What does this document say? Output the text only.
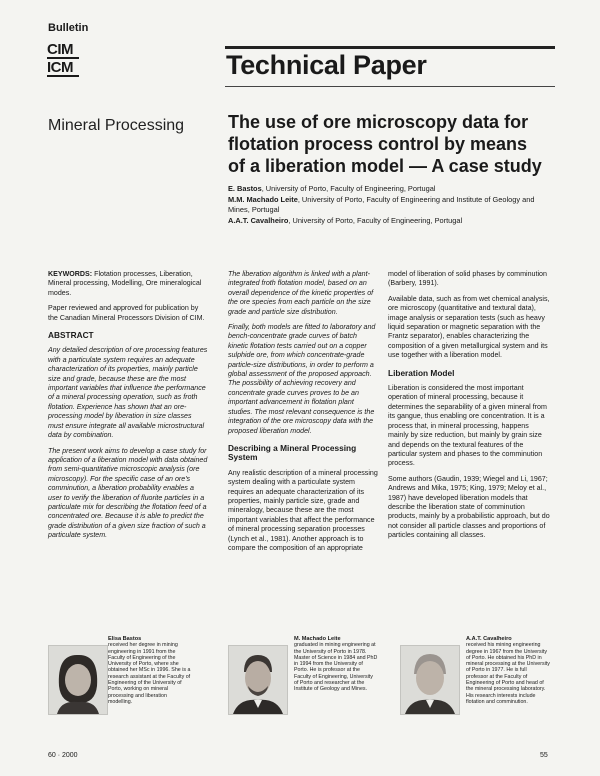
Bulletin
CIM
ICM	Technical Paper
Mineral Processing The use of ore microscopy data for flotation process control by means of a liberation model — A case study
E. Bastos, University of Porto, Faculty of Engineering, Portugal
M.M. Machado Leite, University of Porto, Faculty of Engineering and Institute of Geology and Mines, Portugal
A.A.T. Cavalheiro, University of Porto, Faculty of Engineering, Portugal

KEYWORDS: Flotation processes, Liberation, Mineral processing, Modelling, Ore mineralogical modes.

Paper reviewed and approved for publication by the Canadian Mineral Processors Division of CIM.

ABSTRACT

Any detailed description of ore processing features with a particulate system requires an adequate characterization of its properties, mainly particle size and grade, because these are the most important variables that influence the performance of a mineral processing operation, such as froth flotation. Experience has shown that an ore-processing model by liberation in size classes must ensure integrate all available microstructural data by combination.

The present work aims to develop a case study for application of a liberation model with data obtained from semi-quantitative microscopic analysis (ore microscopy). For the specific case of an ore's comminution, a liberation probability enables a user to verify the liberation of fluorite particles in a particulate mix for describing the flotation feed of a concentrated ore. Because it is able to predict the grade distribution of a given size fraction of such a particulate system.

The liberation algorithm is linked with a plant-integrated froth flotation model, based on an overall dependence of the kinetic properties of the ore species from each particle on the size grade and particle size distribution.

Finally, both models are fitted to laboratory and bench-concentrate grade curves of batch kinetic flotation tests carried out on a copper sulphide ore, from which concentrate-grade particle-size distributions, in order to perform a global assessment of the proposed approach. The possibility of achieving recovery and concentrate grade curves proves to be an important advancement in flotation plant studies. The most relevant consequence is the integration of the ore microscopy data with the proposed liberation model.

Describing a Mineral Processing System

Any realistic description of a mineral processing system dealing with a particulate system requires an adequate characterization of its properties, mainly particle size, grade and mineralogy, because these are the most important variables that affect the performance of mineral processing separation processes (Lynch et al., 1981). Another approach is to compare the composition of an appropriate

model of liberation of solid phases by comminution (Barbery, 1991).

Available data, such as from wet chemical analysis, ore microscopy (quantitative and textural data), image analysis or separation tests (such as heavy liquid separation or magnetic separation with the Frantz separator), enables characterizing the composition of a given metallurgical system and its use together with a liberation model.

Liberation Model

Liberation is considered the most important operation of mineral processing, because it determines the separability of a given mineral from its gangue, thus enabling ore concentration. It is a process that, in mineral processing, happens mainly by size reduction, but mainly by grain size and depends on the textural features of the particular system and phases to the comminution process.

Some authors (Gaudin, 1939; Wiegel and Li, 1967; Andrews and Mika, 1975; King, 1979; Meloy et al., 1987) have developed liberation models that describe the liberation state of comminution products, mainly by a probabilistic approach, but do not consider all particle classes and proportions of particles containing all classes.

Elisa Bastos
received her degree in mining engineering in 1991 from the Faculty of Engineering of the University of Porto, where she obtained her MSc in 1996. She is a research assistant at the Faculty of Engineering of the University of Porto, working on mineral processing and liberation modelling.
M. Machado Leite
graduated in mining engineering at the University of Porto in 1978. Master of Science in 1984 and PhD in 1994 from the University of Porto. He is professor at the Faculty of Engineering, University of Porto and researcher at the Institute of Geology and Mines.
A.A.T. Cavalheiro
received his mining engineering degree in 1967 from the University of Porto. He obtained his PhD in mineral processing at the University of Porto in 1977. He is full professor at the Faculty of Engineering of Porto and head of the mineral processing laboratory. His research interests include flotation and comminution.
60 · 2000	55
